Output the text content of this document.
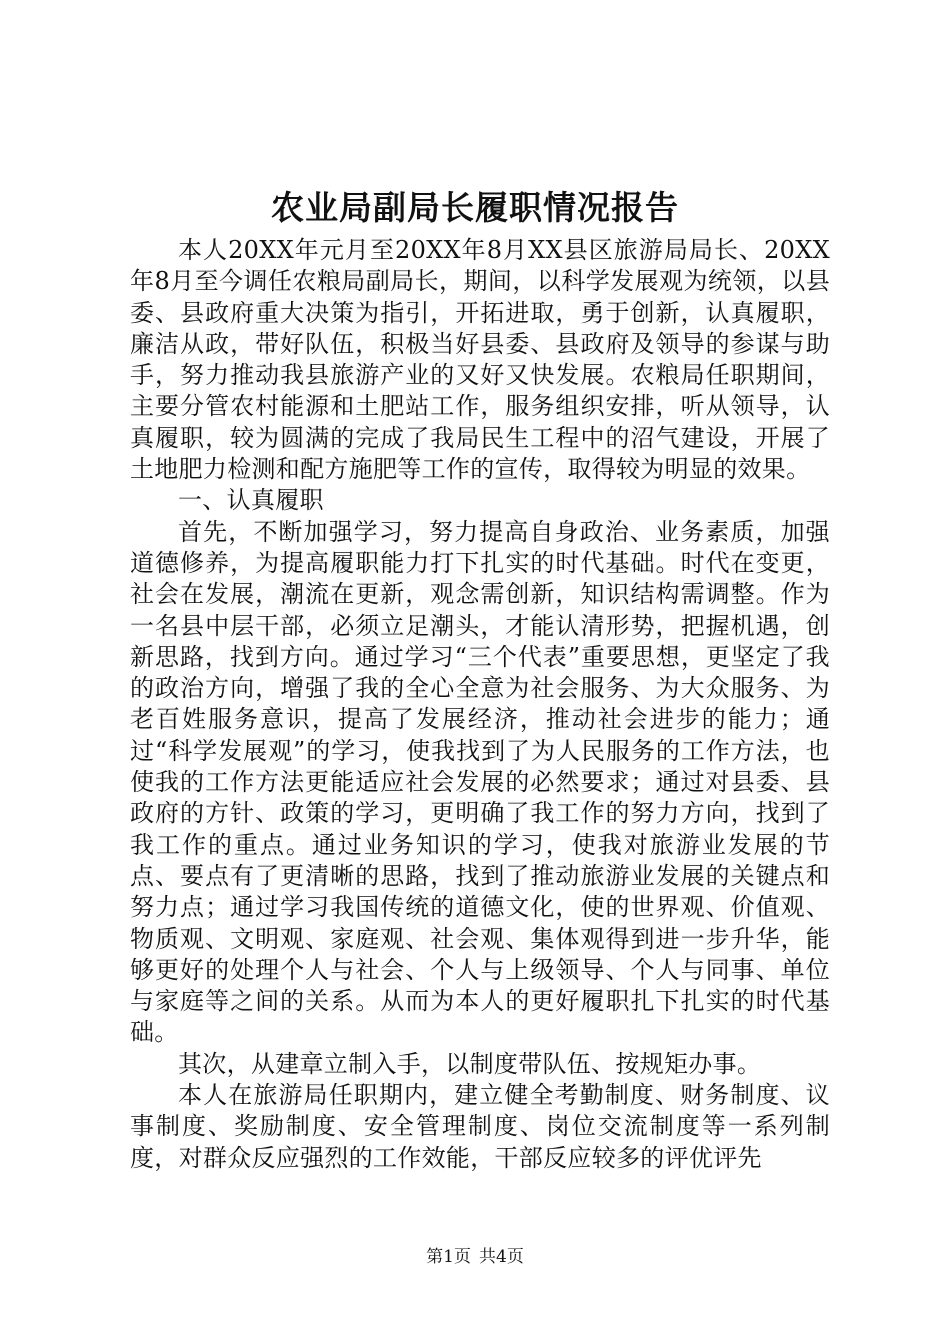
农业局副局长履职情况报告

本人20XX年元月至20XX年8月XX县区旅游局局长、20XX年8月至今调任农粮局副局长，期间，以科学发展观为统领，以县委、县政府重大决策为指引，开拓进取，勇于创新，认真履职，廉洁从政，带好队伍，积极当好县委、县政府及领导的参谋与助手，努力推动我县旅游产业的又好又快发展。农粮局任职期间，主要分管农村能源和土肥站工作，服务组织安排，听从领导，认真履职，较为圆满的完成了我局民生工程中的沼气建设，开展了土地肥力检测和配方施肥等工作的宣传，取得较为明显的效果。

一、认真履职

首先，不断加强学习，努力提高自身政治、业务素质，加强道德修养，为提高履职能力打下扎实的时代基础。时代在变更，社会在发展，潮流在更新，观念需创新，知识结构需调整。作为一名县中层干部，必须立足潮头，才能认清形势，把握机遇，创新思路，找到方向。通过学习“三个代表”重要思想，更坚定了我的政治方向，增强了我的全心全意为社会服务、为大众服务、为老百姓服务意识，提高了发展经济，推动社会进步的能力；通过“科学发展观”的学习，使我找到了为人民服务的工作方法，也使我的工作方法更能适应社会发展的必然要求；通过对县委、县政府的方针、政策的学习，更明确了我工作的努力方向，找到了我工作的重点。通过业务知识的学习，使我对旅游业发展的节点、要点有了更清晰的思路，找到了推动旅游业发展的关键点和努力点；通过学习我国传统的道德文化，使的世界观、价值观、物质观、文明观、家庭观、社会观、集体观得到进一步升华，能够更好的处理个人与社会、个人与上级领导、个人与同事、单位与家庭等之间的关系。从而为本人的更好履职扎下扎实的时代基础。

其次，从建章立制入手，以制度带队伍、按规矩办事。

本人在旅游局任职期内，建立健全考勤制度、财务制度、议事制度、奖励制度、安全管理制度、岗位交流制度等一系列制度，对群众反应强烈的工作效能，干部反应较多的评优评先

第1页 共4页
